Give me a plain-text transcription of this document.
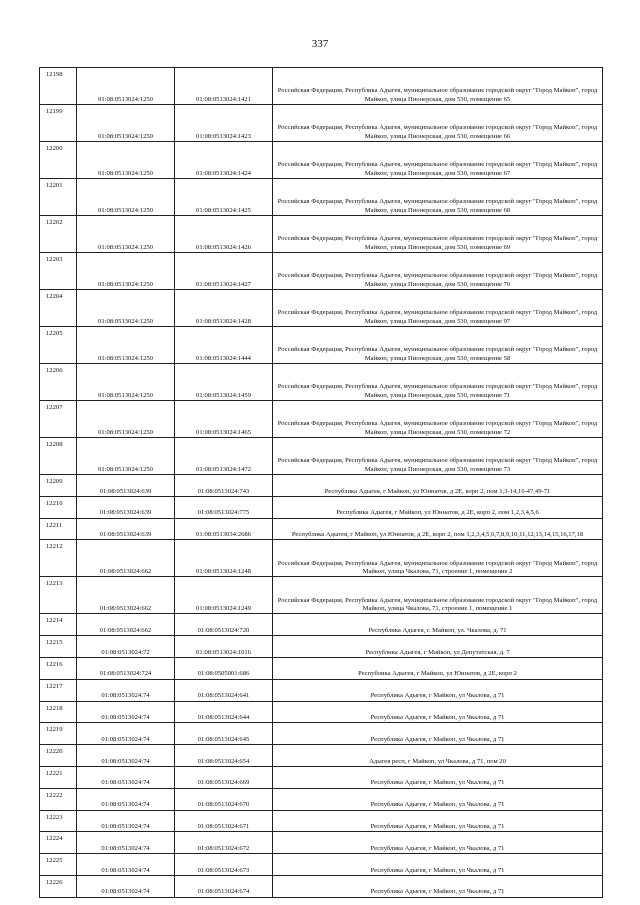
337
12198	01:08:0513024:1250	01:08:0513024:1421	Российская Федерация, Республика Адыгея, муниципальное образование городской округ "Город Майкоп", город Майкоп, улица Пионерская, дом 530, помещение 65
12199	01:08:0513024:1250	01:08:0513024:1423	Российская Федерация, Республика Адыгея, муниципальное образование городской округ "Город Майкоп", город Майкоп, улица Пионерская, дом 530, помещение 66
12200	01:08:0513024:1250	01:08:0513024:1424	Российская Федерация, Республика Адыгея, муниципальное образование городской округ "Город Майкоп", город Майкоп, улица Пионерская, дом 530, помещение 67
12201	01:08:0513024:1250	01:08:0513024:1425	Российская Федерация, Республика Адыгея, муниципальное образование городской округ "Город Майкоп", город Майкоп, улица Пионерская, дом 530, помещение 68
12202	01:08:0513024:1250	01:08:0513024:1426	Российская Федерация, Республика Адыгея, муниципальное образование городской округ "Город Майкоп", город Майкоп, улица Пионерская, дом 530, помещение 69
12203	01:08:0513024:1250	01:08:0513024:1427	Российская Федерация, Республика Адыгея, муниципальное образование городской округ "Город Майкоп", город Майкоп, улица Пионерская, дом 530, помещение 70
12204	01:08:0513024:1250	01:08:0513024:1428	Российская Федерация, Республика Адыгея, муниципальное образование городской округ "Город Майкоп", город Майкоп, улица Пионерская, дом 530, помещение 97
12205	01:08:0513024:1250	01:08:0513024:1444	Российская Федерация, Республика Адыгея, муниципальное образование городской округ "Город Майкоп", город Майкоп, улица Пионерская, дом 530, помещение 58
12206	01:08:0513024:1250	01:08:0513024:1459	Российская Федерация, Республика Адыгея, муниципальное образование городской округ "Город Майкоп", город Майкоп, улица Пионерская, дом 530, помещение 71
12207	01:08:0513024:1250	01:08:0513024:1465	Российская Федерация, Республика Адыгея, муниципальное образование городской округ "Город Майкоп", город Майкоп, улица Пионерская, дом 530, помещение 72
12208	01:08:0513024:1250	01:08:0513024:1472	Российская Федерация, Республика Адыгея, муниципальное образование городской округ "Город Майкоп", город Майкоп, улица Пионерская, дом 530, помещение 73
12209	01:08:0513024:639	01:08:0513024:743	Республика Адыгея, г Майкоп, ул Юннатов, д 2Е, корп 2, пом 1,3-14,16-47,49-71
12210	01:08:0513024:639	01:08:0513024:775	Республика Адыгея, г Майкоп, ул Юннатов, д 2Е, корп 2, пом 1,2,3,4,5,6
12211	01:08:0513024:639	01:08:0513034:2686	Республика Адыгея, г Майкоп, ул Юннатов, д 2Е, корп 2, пом 1,2,3,4,5,6,7,8,9,10,11,12,13,14,15,16,17,18
12212	01:08:0513024:662	01:08:0513024:1248	Российская Федерация, Республика Адыгея, муниципальное образование городской округ "Город Майкоп", город Майкоп, улица Чкалова, 71, строение 1, помещение 2
12213	01:08:0513024:662	01:08:0513024:1249	Российская Федерация, Республика Адыгея, муниципальное образование городской округ "Город Майкоп", город Майкоп, улица Чкалова, 71, строение 1, помещение 1
12214	01:08:0513024:662	01:08:0513024:720	Республика Адыгея, г. Майкоп, ул. Чкалова, д. 71
12215	01:08:0513024:72	01:08:0513024:1016	Республика Адыгея, г Майкоп, ул Депутатская, д. 7
12216	01:08:0513024:724	01:08:0505001:686	Республика Адыгея, г Майкоп, ул Юннатов, д 2Е, корп 2
12217	01:08:0513024:74	01:08:0513024:641	Республика Адыгея, г Майкоп, ул Чкалова, д 71
12218	01:08:0513024:74	01:08:0513024:644	Республика Адыгея, г Майкоп, ул Чкалова, д 71
12219	01:08:0513024:74	01:08:0513024:645	Республика Адыгея, г Майкоп, ул Чкалова, д 71
12220	01:08:0513024:74	01:08:0513024:654	Адыгея респ, г Майкоп, ул Чкалова, д 71, пом 20
12221	01:08:0513024:74	01:08:0513024:669	Республика Адыгея, г Майкоп, ул Чкалова, д 71
12222	01:08:0513024:74	01:08:0513024:670	Республика Адыгея, г Майкоп, ул Чкалова, д 71
12223	01:08:0513024:74	01:08:0513024:671	Республика Адыгея, г Майкоп, ул Чкалова, д 71
12224	01:08:0513024:74	01:08:0513024:672	Республика Адыгея, г Майкоп, ул Чкалова, д 71
12225	01:08:0513024:74	01:08:0513024:673	Республика Адыгея, г Майкоп, ул Чкалова, д 71
12226	01:08:0513024:74	01:08:0513024:674	Республика Адыгея, г Майкоп, ул Чкалова, д 71
